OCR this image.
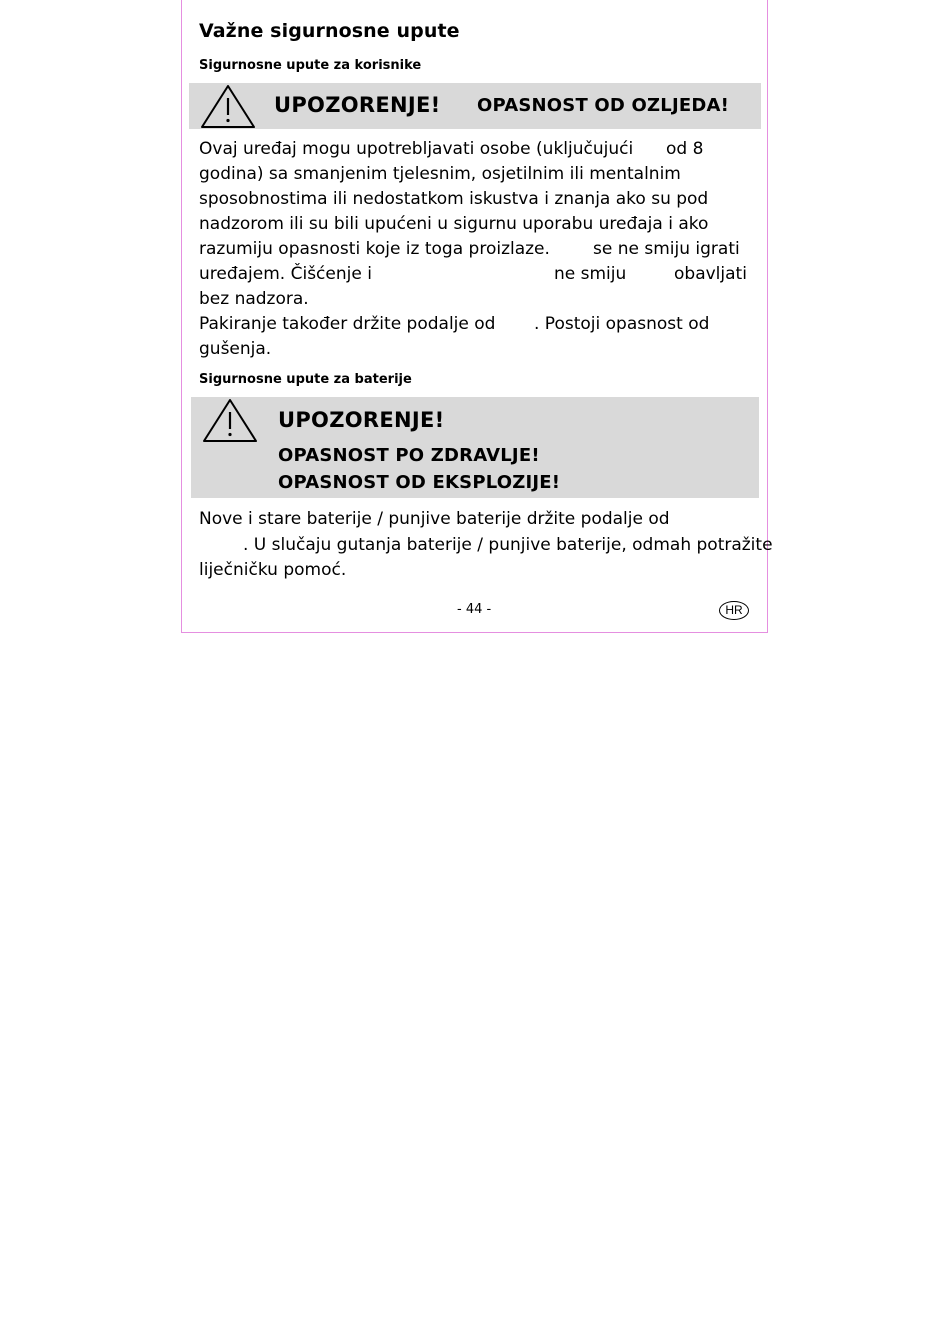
Važne sigurnosne upute
Sigurnosne upute za korisnike
UPOZORENJE! OPASNOST OD OZLJEDA!
Ovaj uređaj mogu upotrebljavati osobe (uključujući od 8
godina) sa smanjenim tjelesnim, osjetilnim ili mentalnim
sposobnostima ili nedostatkom iskustva i znanja ako su pod
nadzorom ili su bili upućeni u sigurnu uporabu uređaja i ako
razumiju opasnosti koje iz toga proizlaze.	se ne smiju igrati
uređajem. Čišćenje i	ne smiju	obavljati
bez nadzora.
Pakiranje također držite podalje od . Postoji opasnost od
gušenja.
Sigurnosne upute za baterije
UPOZORENJE!
OPASNOST PO ZDRAVLJE!
OPASNOST OD EKSPLOZIJE!
Nove i stare baterije / punjive baterije držite podalje od
. U slučaju gutanja baterije / punjive baterije, odmah potražite
liječničku pomoć.
- 44 -	HR
